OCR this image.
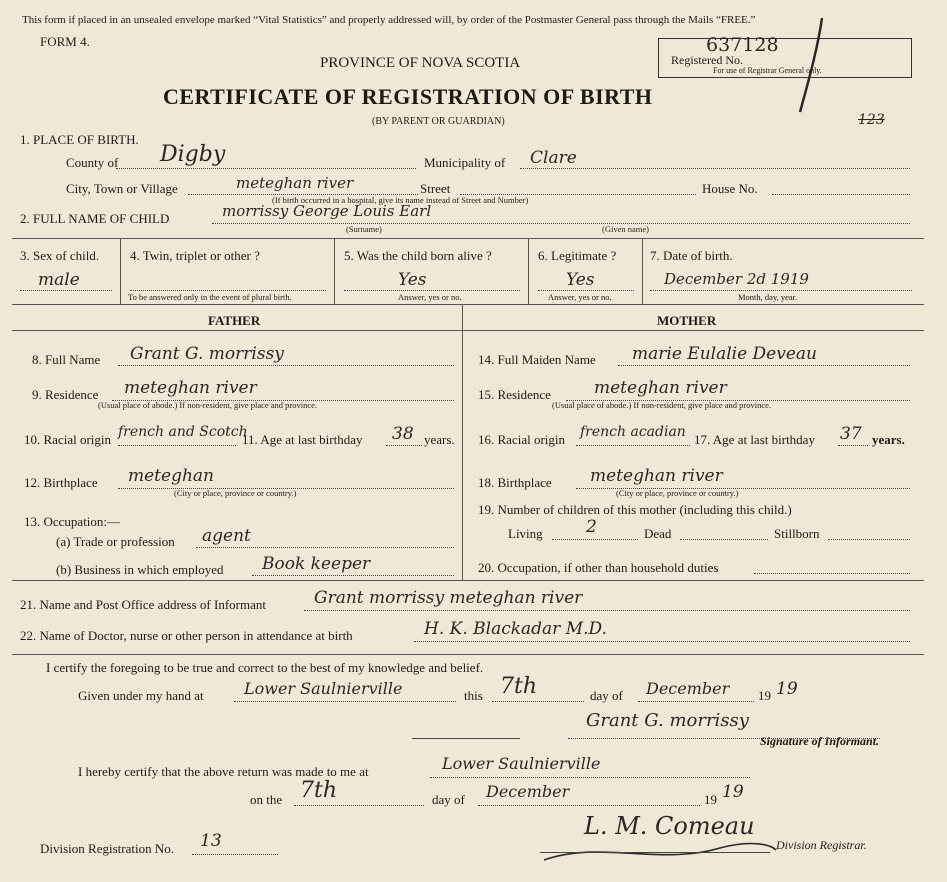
This form if placed in an unsealed envelope marked “Vital Statistics” and properly addressed will, by order of the Postmaster General pass through the Mails “FREE.”
FORM 4.
PROVINCE OF NOVA SCOTIA
CERTIFICATE OF REGISTRATION OF BIRTH
(BY PARENT OR GUARDIAN)
Registered No.
For use of Registrar General only.
637128
123
1. PLACE OF BIRTH.
County of Digby	Municipality of Clare
City, Town or Village	meteghan river	Street	House No.
(If birth occurred in a hospital, give its name instead of Street and Number)
2. FULL NAME OF CHILD	morrissy George Louis Earl
(Surname)	(Given name)
3. Sex of child.
male
4. Twin, triplet or other ?
To be answered only in the event of plural birth.
5. Was the child born alive ?
Yes
Answer, yes or no.
6. Legitimate ?
Yes
Answer, yes or no.
7. Date of birth.
December 2d 1919
Month, day, year.
FATHER	MOTHER
8. Full Name Grant G. morrissy
9. Residence meteghan river
(Usual place of abode.) If non-resident, give place and province.
10. Racial origin french and Scotch
11. Age at last birthday 38 years.
12. Birthplace meteghan
(City or place, province or country.)
13. Occupation:—
(a) Trade or profession agent
(b) Business in which employed Book keeper
14. Full Maiden Name marie Eulalie Deveau
15. Residence	meteghan river
(Usual place of abode.) If non-resident, give place and province.
16. Racial origin french acadian 17. Age at last birthday 37 years.
18. Birthplace meteghan river
(City or place, province or country.)
19. Number of children of this mother (including this child.)
Living	2	Dead	Stillborn
20. Occupation, if other than household duties
21. Name and Post Office address of Informant	Grant morrissy meteghan river
22. Name of Doctor, nurse or other person in attendance at birth	H. K. Blackadar M.D.
I certify the foregoing to be true and correct to the best of my knowledge and belief.
Given under my hand at	Lower Saulnierville	this 7th	day of December 19 19
Grant G. morrissy
Signature of Informant.
I hereby certify that the above return was made to me at	Lower Saulnierville
on the 7th	day of December	19 19
L. M. Comeau
Division Registrar.
Division Registration No. 13
